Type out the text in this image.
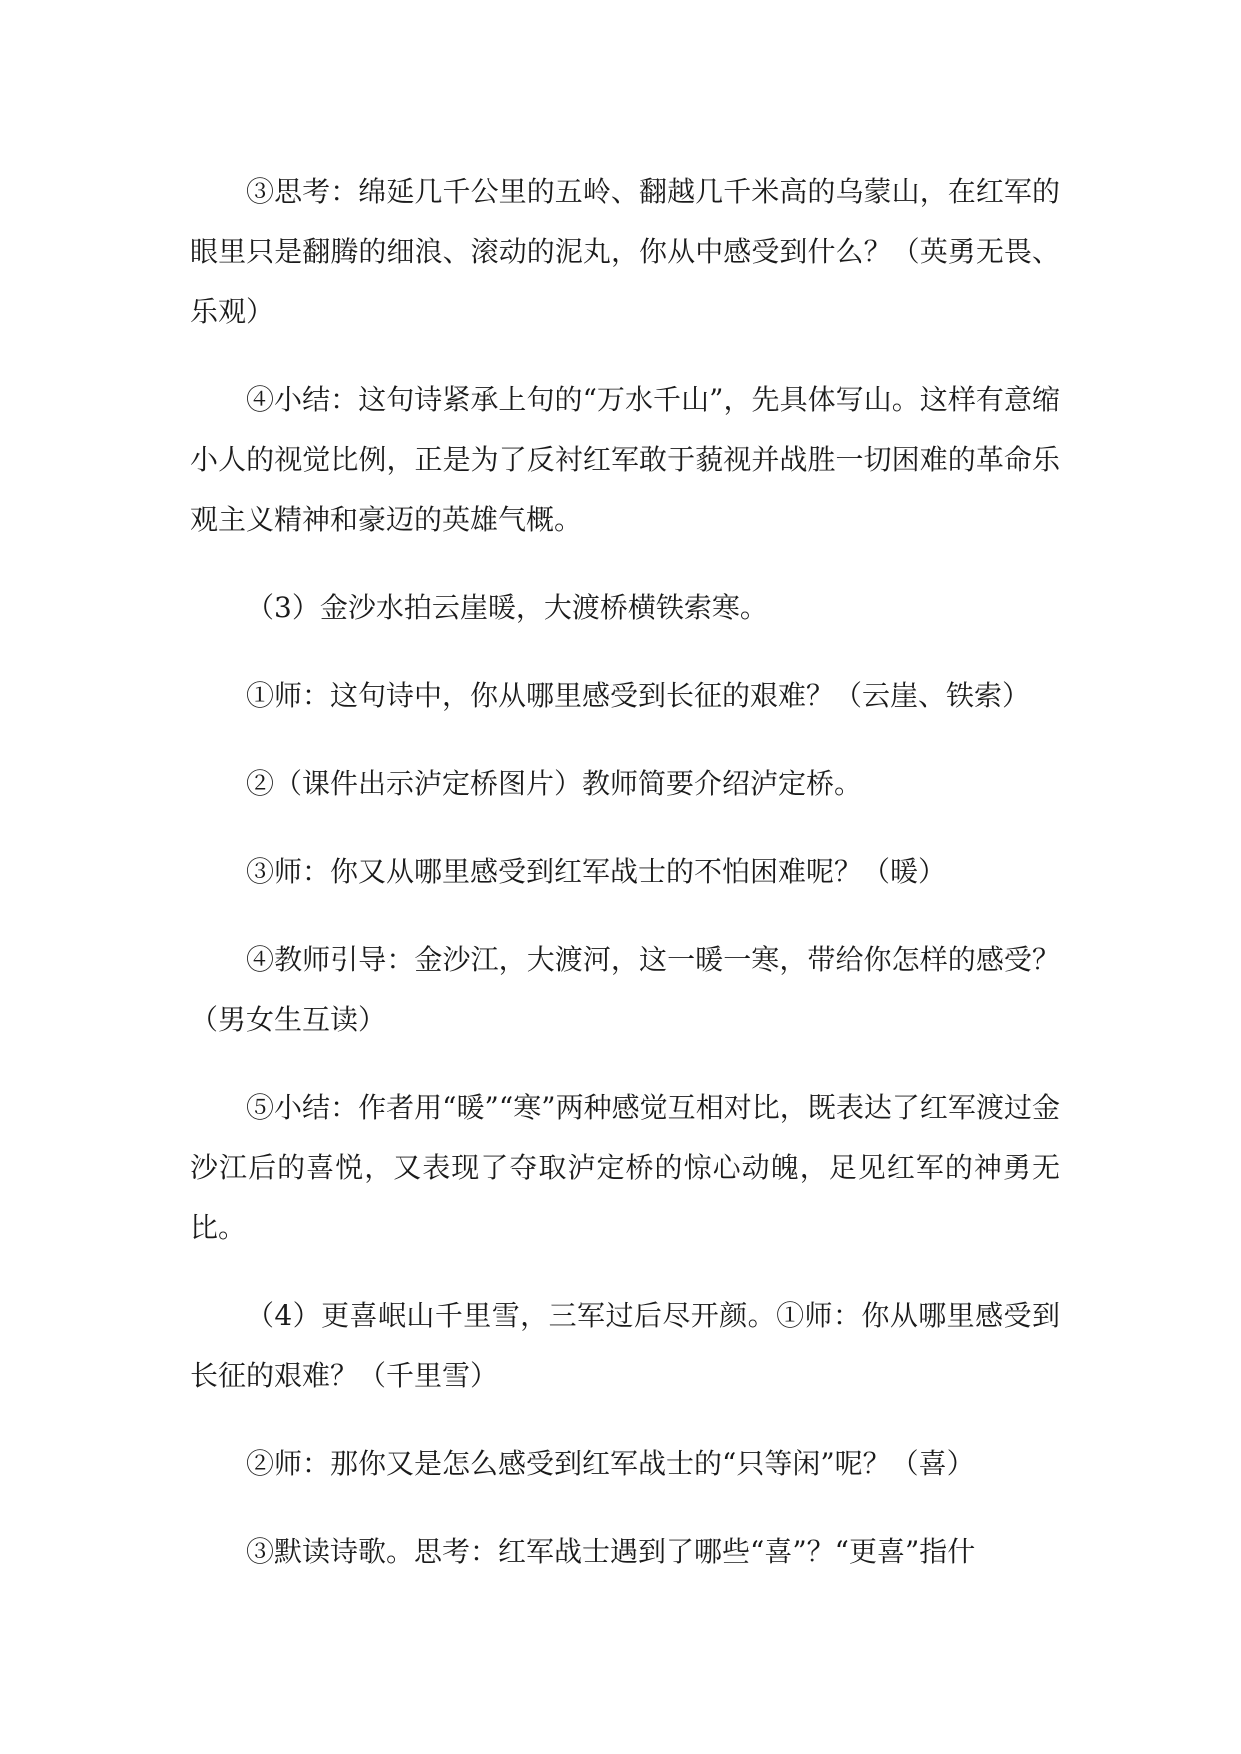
③思考：绵延几千公里的五岭、翻越几千米高的乌蒙山，在红军的眼里只是翻腾的细浪、滚动的泥丸，你从中感受到什么？（英勇无畏、乐观）

④小结：这句诗紧承上句的“万水千山”，先具体写山。这样有意缩小人的视觉比例，正是为了反衬红军敢于藐视并战胜一切困难的革命乐观主义精神和豪迈的英雄气概。

（3）金沙水拍云崖暖，大渡桥横铁索寒。

①师：这句诗中，你从哪里感受到长征的艰难？（云崖、铁索）

②（课件出示泸定桥图片）教师简要介绍泸定桥。

③师：你又从哪里感受到红军战士的不怕困难呢？（暖）

④教师引导：金沙江，大渡河，这一暖一寒，带给你怎样的感受？（男女生互读）

⑤小结：作者用“暖”“寒”两种感觉互相对比，既表达了红军渡过金沙江后的喜悦，又表现了夺取泸定桥的惊心动魄，足见红军的神勇无比。

（4）更喜岷山千里雪，三军过后尽开颜。①师：你从哪里感受到长征的艰难？（千里雪）

②师：那你又是怎么感受到红军战士的“只等闲”呢？（喜）

③默读诗歌。思考：红军战士遇到了哪些“喜”？“更喜”指什
